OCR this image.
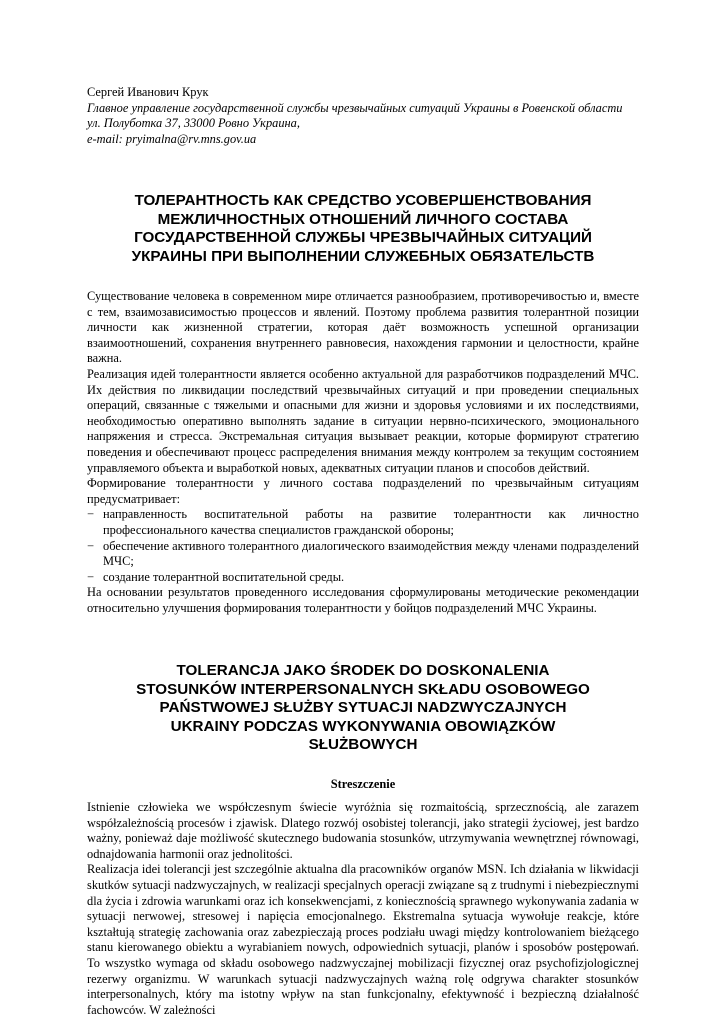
Сергей Иванович Крук

Главное управление государственной службы чрезвычайных ситуаций Украины в Ровенской области

ул. Полуботка 37, 33000 Ровно Украина,

e-mail: pryimalna@rv.mns.gov.ua

ТОЛЕРАНТНОСТЬ КАК СРЕДСТВО УСОВЕРШЕНСТВОВАНИЯ МЕЖЛИЧНОСТНЫХ ОТНОШЕНИЙ ЛИЧНОГО СОСТАВА ГОСУДАРСТВЕННОЙ СЛУЖБЫ ЧРЕЗВЫЧАЙНЫХ СИТУАЦИЙ УКРАИНЫ ПРИ ВЫПОЛНЕНИИ СЛУЖЕБНЫХ ОБЯЗАТЕЛЬСТВ

Существование человека в современном мире отличается разнообразием, противоречивостью и, вместе с тем, взаимозависимостью процессов и явлений. Поэтому проблема развития толерантной позиции личности как жизненной стратегии, которая даёт возможность успешной организации взаимоотношений, сохранения внутреннего равновесия, нахождения гармонии и целостности, крайне важна.

Реализация идей толерантности является особенно актуальной для разработчиков подразделений МЧС. Их действия по ликвидации последствий чрезвычайных ситуаций и при проведении специальных операций, связанные с тяжелыми и опасными для жизни и здоровья условиями и их последствиями, необходимостью оперативно выполнять задание в ситуации нервно-психического, эмоционального напряжения и стресса. Экстремальная ситуация вызывает реакции, которые формируют стратегию поведения и обеспечивают процесс распределения внимания между контролем за текущим состоянием управляемого объекта и выработкой новых, адекватных ситуации планов и способов действий.

Формирование толерантности у личного состава подразделений по чрезвычайным ситуациям предусматривает:

− направленность воспитательной работы на развитие толерантности как личностно профессионального качества специалистов гражданской обороны;
− обеспечение активного толерантного диалогического взаимодействия между членами подразделений МЧС;
− создание толерантной воспитательной среды.

На основании результатов проведенного исследования сформулированы методические рекомендации относительно улучшения формирования толерантности у бойцов подразделений МЧС Украины.

TOLERANCJA JAKO ŚRODEK DO DOSKONALENIA STOSUNKÓW INTERPERSONALNYCH SKŁADU OSOBOWEGO PAŃSTWOWEJ SŁUŻBY SYTUACJI NADZWYCZAJNYCH UKRAINY PODCZAS WYKONYWANIA OBOWIĄZKÓW SŁUŻBOWYCH

Streszczenie

Istnienie człowieka we współczesnym świecie wyróżnia się rozmaitością, sprzecznością, ale zarazem współzależnością procesów i zjawisk. Dlatego rozwój osobistej tolerancji, jako strategii życiowej, jest bardzo ważny, ponieważ daje możliwość skutecznego budowania stosunków, utrzymywania wewnętrznej równowagi, odnajdowania harmonii oraz jednolitości.

Realizacja idei tolerancji jest szczególnie aktualna dla pracowników organów MSN. Ich działania w likwidacji skutków sytuacji nadzwyczajnych, w realizacji specjalnych operacji związane są z trudnymi i niebezpiecznymi dla życia i zdrowia warunkami oraz ich konsekwencjami, z koniecznością sprawnego wykonywania zadania w sytuacji nerwowej, stresowej i napięcia emocjonalnego. Ekstremalna sytuacja wywołuje reakcje, które kształtują strategię zachowania oraz zabezpieczają proces podziału uwagi między kontrolowaniem bieżącego stanu kierowanego obiektu a wyrabianiem nowych, odpowiednich sytuacji, planów i sposobów postępowań. To wszystko wymaga od składu osobowego nadzwyczajnej mobilizacji fizycznej oraz psychofizjologicznej rezerwy organizmu. W warunkach sytuacji nadzwyczajnych ważną rolę odgrywa charakter stosunków interpersonalnych, który ma istotny wpływ na stan funkcjonalny, efektywność i bezpieczną działalność fachowców. W zależności
